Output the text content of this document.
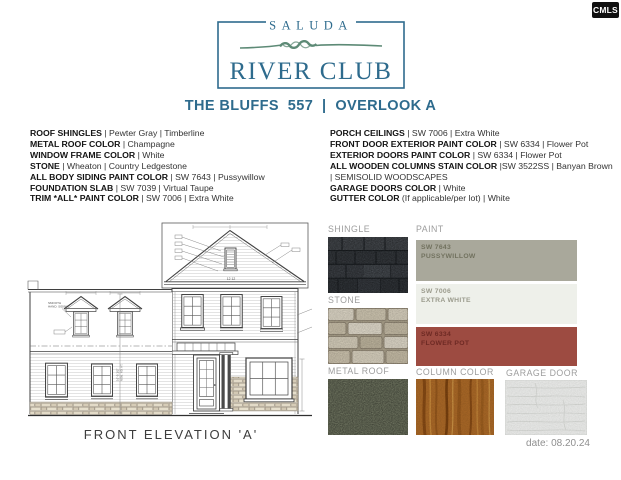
CMLS
SALUDA
RIVER CLUB
THE BLUFFS  557  |  OVERLOOK A
ROOF SHINGLES | Pewter Gray | Timberline
METAL ROOF COLOR | Champagne
WINDOW FRAME COLOR | White
STONE | Wheaton | Country Ledgestone
ALL BODY SIDING PAINT COLOR | SW 7643 | Pussywillow
FOUNDATION SLAB | SW 7039 | Virtual Taupe
TRIM *ALL* PAINT COLOR | SW 7006 | Extra White
PORCH CEILINGS | SW 7006 | Extra White
FRONT DOOR EXTERIOR PAINT COLOR | SW 6334 | Flower Pot
EXTERIOR DOORS PAINT COLOR | SW 6334 | Flower Pot
ALL WOODEN COLUMNS STAIN COLOR |SW 3522SS | Banyan Brown | SEMISOLID WOODSCAPES
GARAGE DOORS COLOR | White
GUTTER COLOR (If applicable/per lot) | White
12 12
SMOOTH
HAND. SIDING
16'-5 1/2" NOM. HD. HT.
FRONT ELEVATION 'A'
SHINGLE	PAINT
STONE
METAL ROOF	COLUMN COLOR GARAGE DOOR
SW 7643
PUSSYWILLOW
SW 7006
EXTRA WHITE
SW 6334
FLOWER POT
date: 08.20.24
